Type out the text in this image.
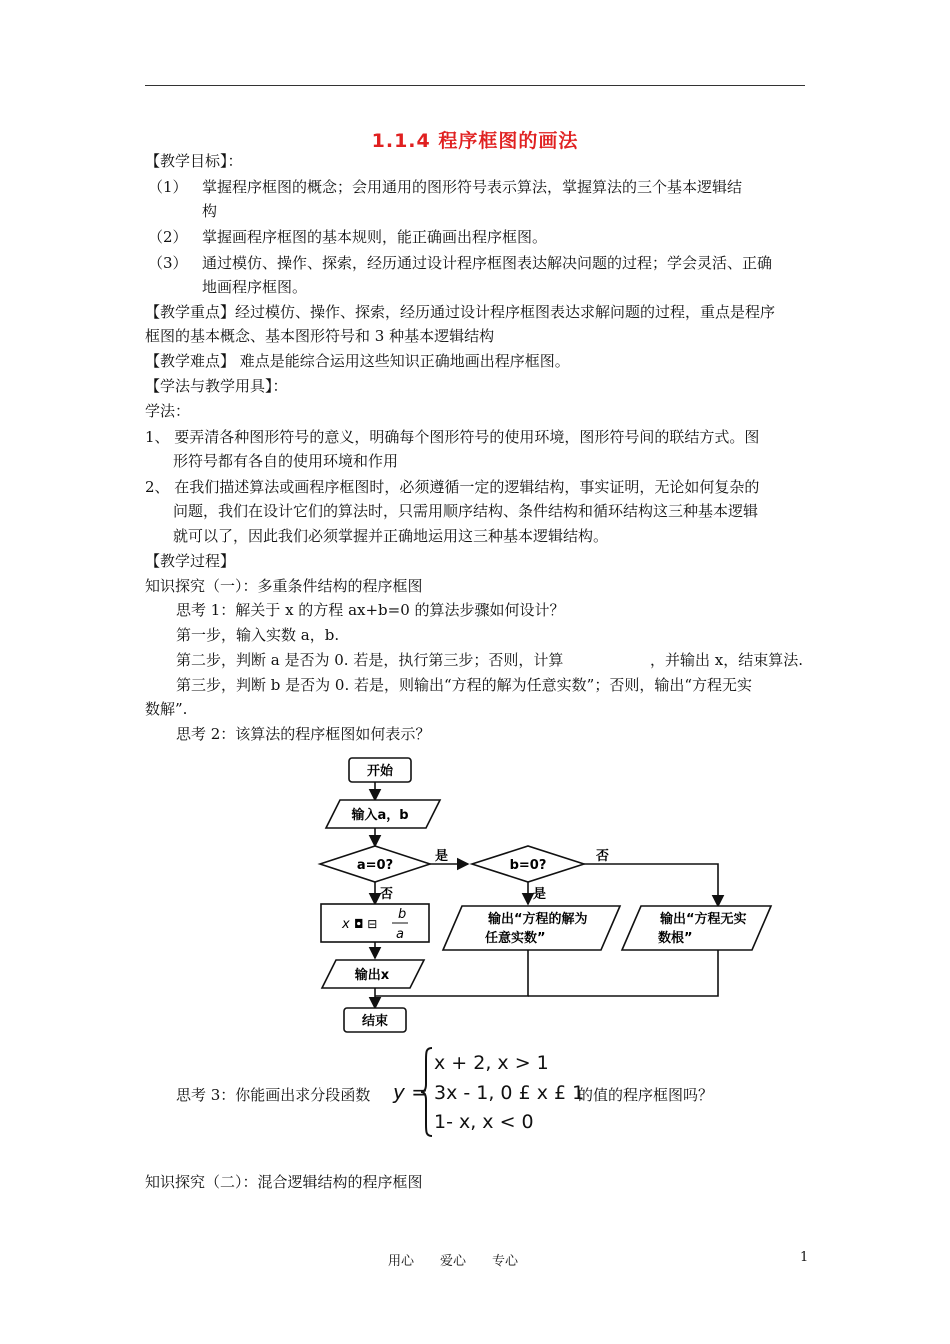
1.1.4 程序框图的画法
【教学目标】：
（1） 掌握程序框图的概念；会用通用的图形符号表示算法，掌握算法的三个基本逻辑结
构
（2） 掌握画程序框图的基本规则，能正确画出程序框图。
（3） 通过模仿、操作、探索，经历通过设计程序框图表达解决问题的过程；学会灵活、正确
地画程序框图。
【教学重点】经过模仿、操作、探索，经历通过设计程序框图表达求解问题的过程，重点是程序
框图的基本概念、基本图形符号和 3 种基本逻辑结构
【教学难点】 难点是能综合运用这些知识正确地画出程序框图。
【学法与教学用具】：
学法：
1、 要弄清各种图形符号的意义，明确每个图形符号的使用环境，图形符号间的联结方式。图
形符号都有各自的使用环境和作用
2、 在我们描述算法或画程序框图时，必须遵循一定的逻辑结构，事实证明，无论如何复杂的
问题，我们在设计它们的算法时，只需用顺序结构、条件结构和循环结构这三种基本逻辑
就可以了，因此我们必须掌握并正确地运用这三种基本逻辑结构。
【教学过程】
知识探究（一）：多重条件结构的程序框图
思考 1：解关于 x 的方程 ax+b=0 的算法步骤如何设计？
第一步，输入实数 a，b.
第二步，判断 a 是否为 0. 若是，执行第三步；否则，计算	，并输出 x，结束算法.
第三步，判断 b 是否为 0. 若是，则输出“方程的解为任意实数”；否则，输出“方程无实
数解”.
思考 2：该算法的程序框图如何表示？
开始
输入a，b
a=0?
是
否
b=0?
否
是
x ◘ ⊟
b
a
输出“方程的解为
任意实数”
输出“方程无实
数根”
输出x
结束
思考 3：你能画出求分段函数 y =
x + 2, x > 1
3x - 1, 0 £ x £ 1
1- x, x < 0
的值的程序框图吗？
知识探究（二）：混合逻辑结构的程序框图
用心　　爱心　　专心	1
